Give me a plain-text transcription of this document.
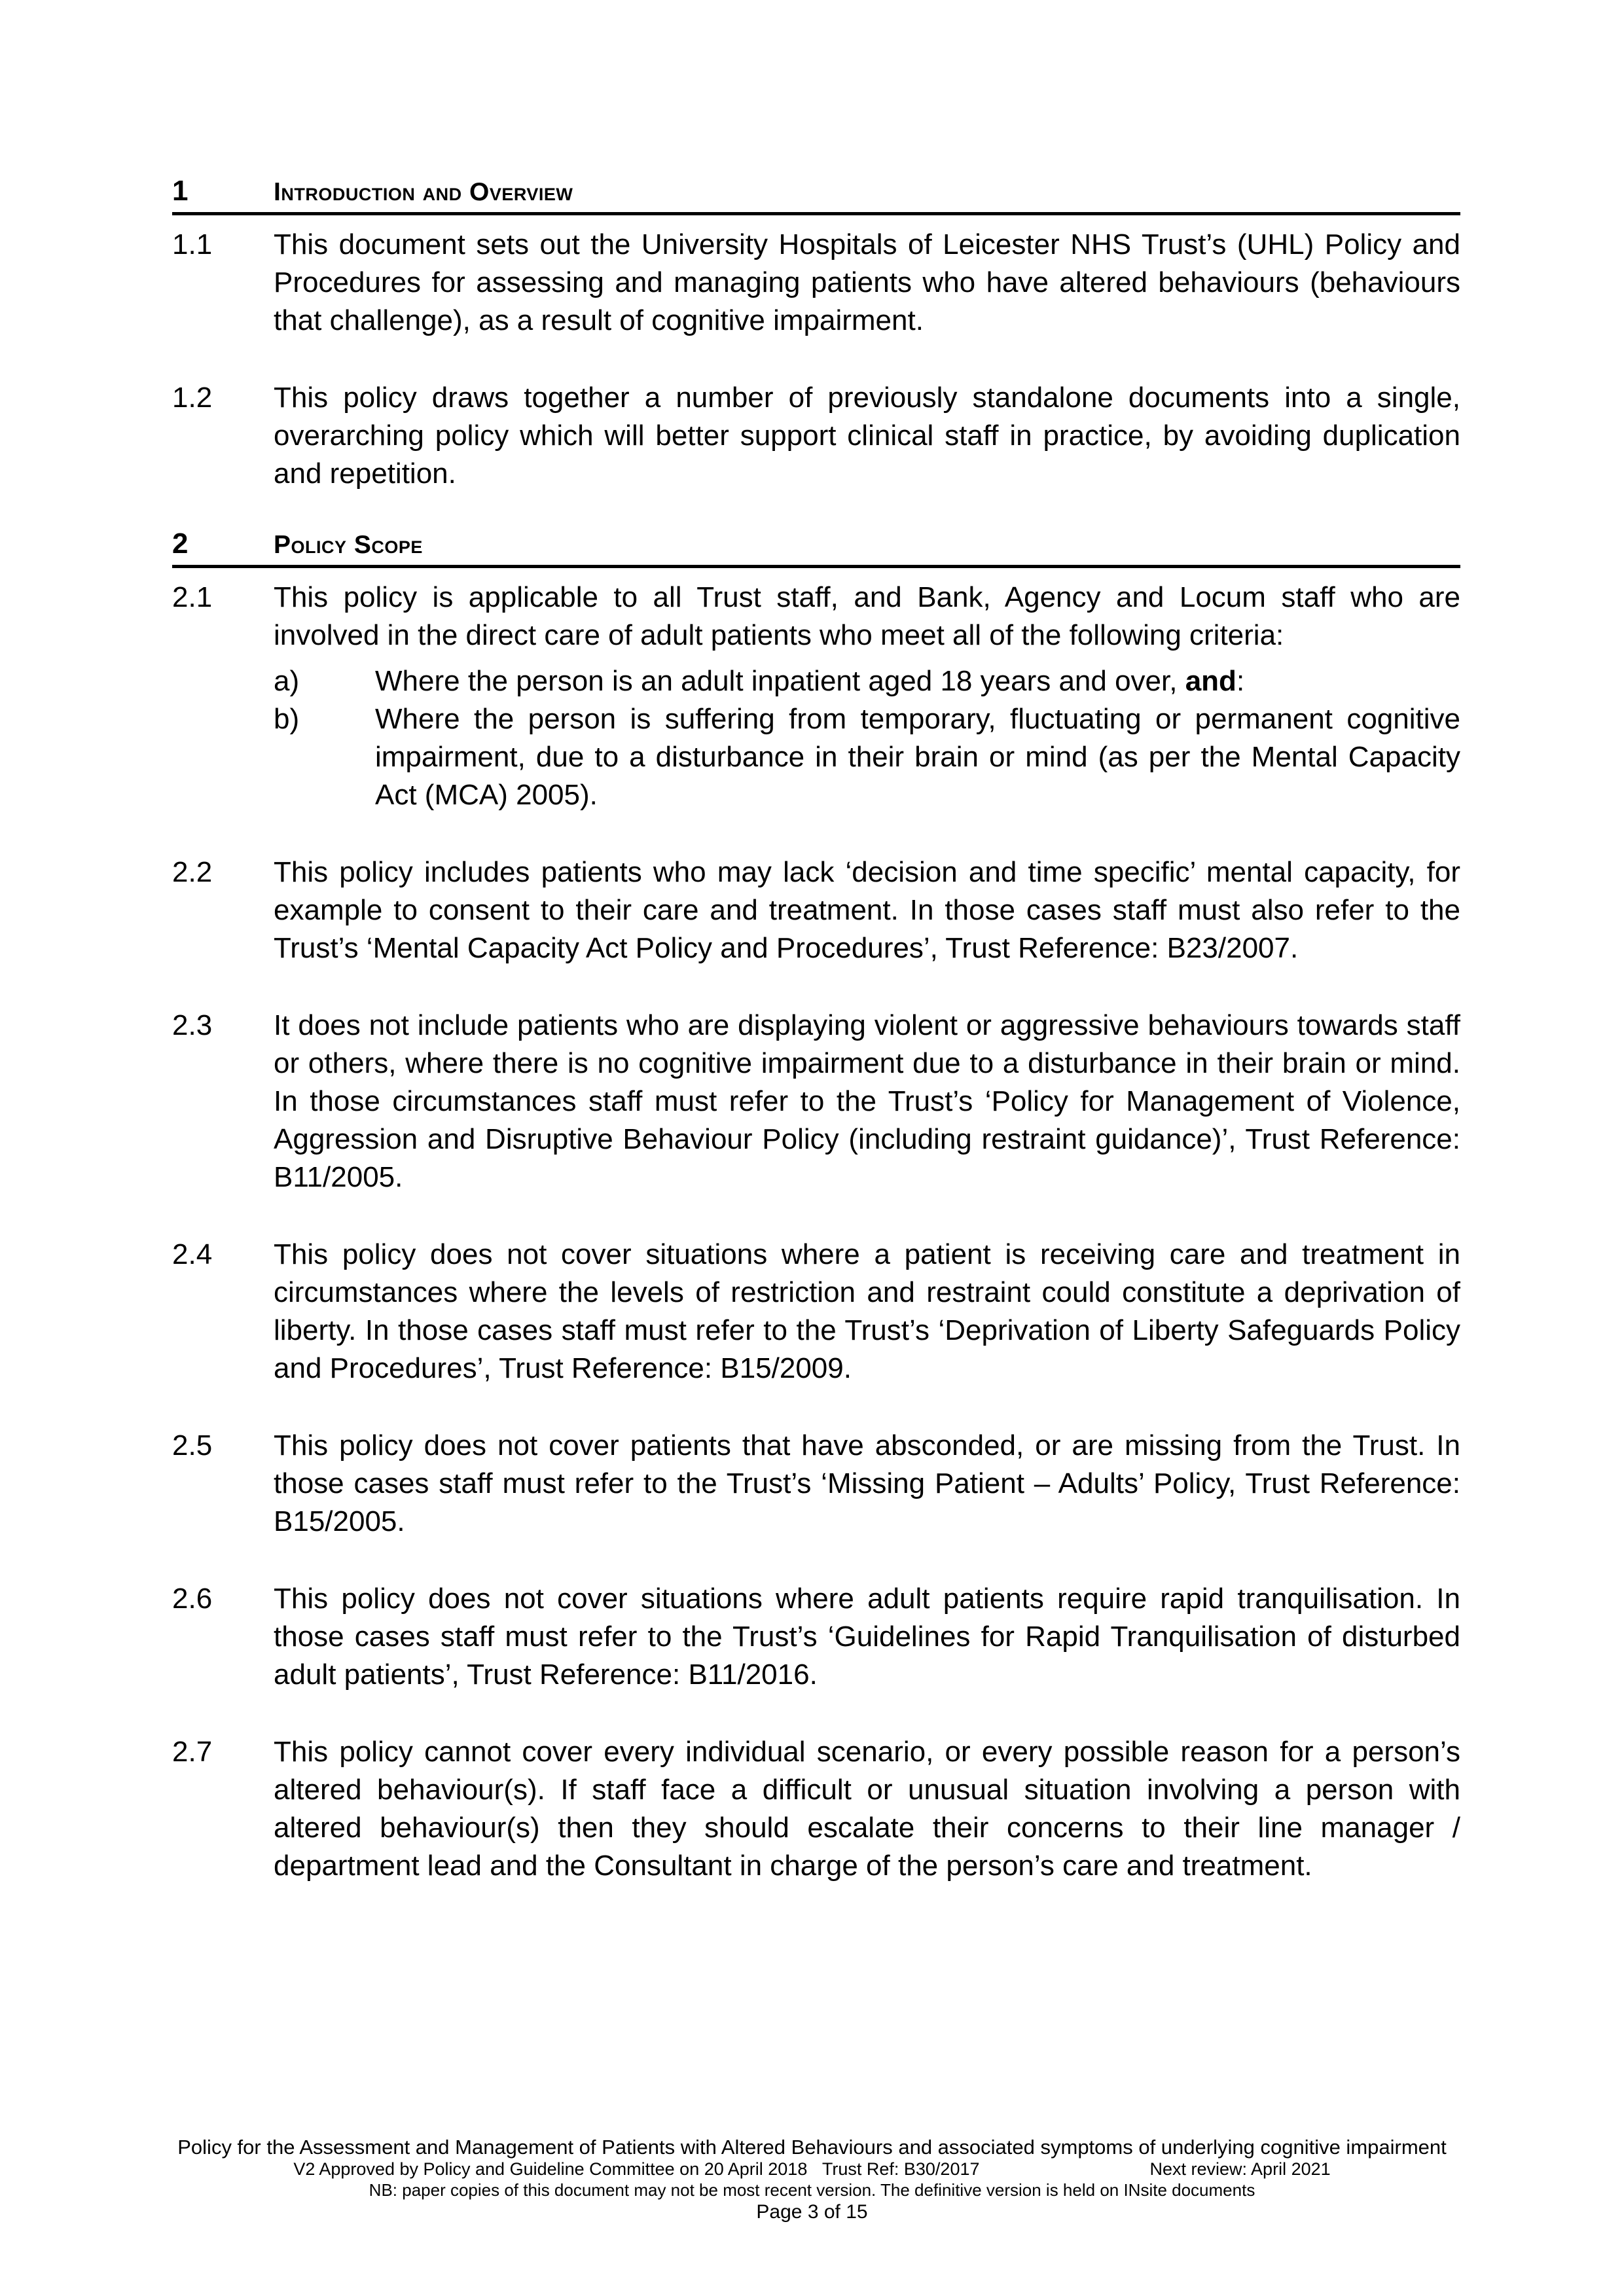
1	Introduction and Overview
1.1	This document sets out the University Hospitals of Leicester NHS Trust’s (UHL) Policy and Procedures for assessing and managing patients who have altered behaviours (behaviours that challenge), as a result of cognitive impairment.
1.2	This policy draws together a number of previously standalone documents into a single, overarching policy which will better support clinical staff in practice, by avoiding duplication and repetition.
2	Policy Scope
2.1	This policy is applicable to all Trust staff, and Bank, Agency and Locum staff who are involved in the direct care of adult patients who meet all of the following criteria:
a)	Where the person is an adult inpatient aged 18 years and over, and:
b)	Where the person is suffering from temporary, fluctuating or permanent cognitive impairment, due to a disturbance in their brain or mind (as per the Mental Capacity Act (MCA) 2005).
2.2	This policy includes patients who may lack ‘decision and time specific’ mental capacity, for example to consent to their care and treatment. In those cases staff must also refer to the Trust’s ‘Mental Capacity Act Policy and Procedures’, Trust Reference: B23/2007.
2.3	It does not include patients who are displaying violent or aggressive behaviours towards staff or others, where there is no cognitive impairment due to a disturbance in their brain or mind. In those circumstances staff must refer to the Trust’s ‘Policy for Management of Violence, Aggression and Disruptive Behaviour Policy (including restraint guidance)’, Trust Reference: B11/2005.
2.4	This policy does not cover situations where a patient is receiving care and treatment in circumstances where the levels of restriction and restraint could constitute a deprivation of liberty. In those cases staff must refer to the Trust’s ‘Deprivation of Liberty Safeguards Policy and Procedures’, Trust Reference: B15/2009.
2.5	This policy does not cover patients that have absconded, or are missing from the Trust. In those cases staff must refer to the Trust’s ‘Missing Patient – Adults’ Policy, Trust Reference: B15/2005.
2.6	This policy does not cover situations where adult patients require rapid tranquilisation. In those cases staff must refer to the Trust’s ‘Guidelines for Rapid Tranquilisation of disturbed adult patients’, Trust Reference: B11/2016.
2.7	This policy cannot cover every individual scenario, or every possible reason for a person’s altered behaviour(s). If staff face a difficult or unusual situation involving a person with altered behaviour(s) then they should escalate their concerns to their line manager / department lead and the Consultant in charge of the person’s care and treatment.
Policy for the Assessment and Management of Patients with Altered Behaviours and associated symptoms of underlying cognitive impairment
V2 Approved by Policy and Guideline Committee on 20 April 2018
Trust Ref: B30/2017	Next review: April 2021
NB: paper copies of this document may not be most recent version. The definitive version is held on INsite documents
Page 3 of 15
